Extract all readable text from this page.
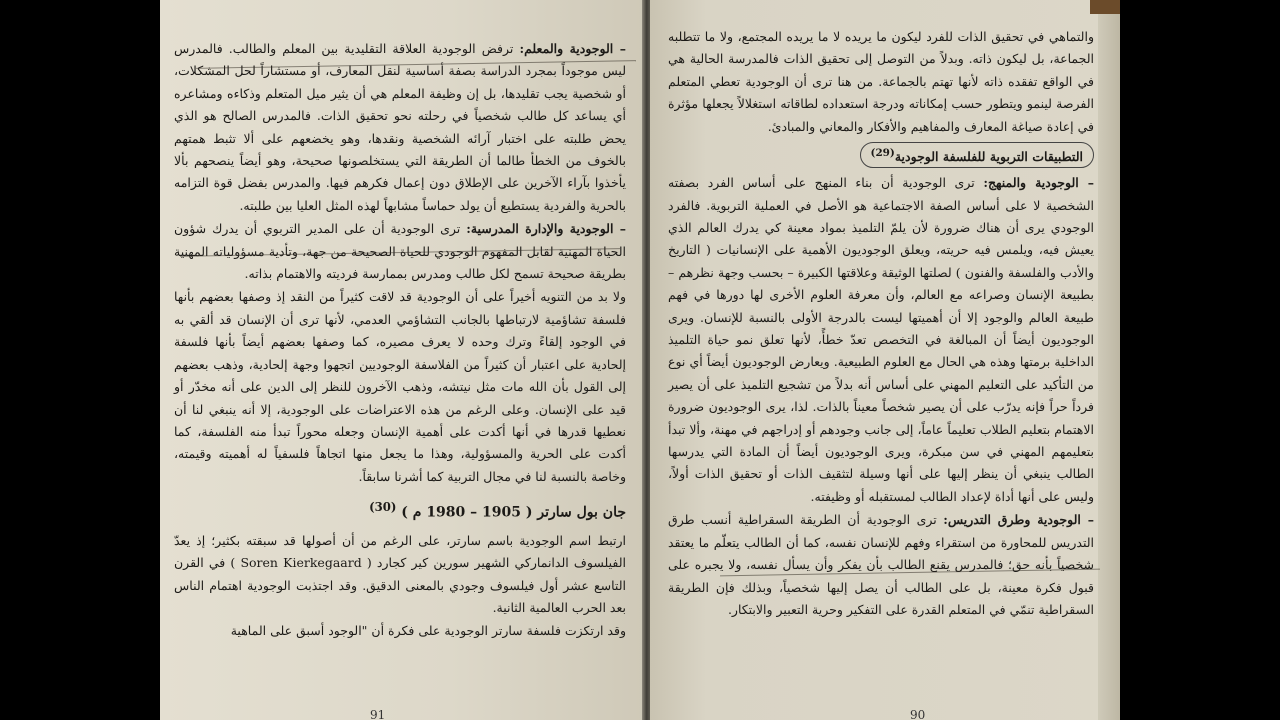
– الوجودية والمعلم: ترفض الوجودية العلاقة التقليدية بين المعلم والطالب. فالمدرس ليس موجوداً بمجرد الدراسة بصفة أساسية لنقل المعارف، أو مستشاراً لحل المشكلات، أو شخصية يجب تقليدها، بل إن وظيفة المعلم هي أن يثير ميل المتعلم وذكاءه ومشاعره أي يساعد كل طالب شخصياً في رحلته نحو تحقيق الذات. فالمدرس الصالح هو الذي يحض طلبته على اختبار آرائه الشخصية ونقدها، وهو يخضعهم على ألا تثبط همتهم بالخوف من الخطأ طالما أن الطريقة التي يستخلصونها صحيحة، وهو أيضاً ينصحهم بألا يأخذوا بآراء الآخرين على الإطلاق دون إعمال فكرهم فيها. والمدرس بفضل قوة التزامه بالحرية والفردية يستطيع أن يولد حماساً مشابهاً لهذه المثل العليا بين طلبته.

– الوجودية والإدارة المدرسية: ترى الوجودية أن على المدير التربوي أن يدرك شؤون الحياة المهنية لقابل المفهوم الوجودي للحياة الصحيحة من جهة، وتأدية مسؤولياته المهنية بطريقة صحيحة تسمح لكل طالب ومدرس بممارسة فرديته والاهتمام بذاته.

ولا بد من التنويه أخيراً على أن الوجودية قد لاقت كثيراً من النقد إذ وصفها بعضهم بأنها فلسفة تشاؤمية لارتباطها بالجانب التشاؤمي العدمي، لأنها ترى أن الإنسان قد ألقي به في الوجود إلقاءً وترك وحده لا يعرف مصيره، كما وصفها بعضهم أيضاً بأنها فلسفة إلحادية على اعتبار أن كثيراً من الفلاسفة الوجوديين اتجهوا وجهة إلحادية، وذهب بعضهم إلى القول بأن الله مات مثل نيتشه، وذهب الآخرون للنظر إلى الدين على أنه مخدّر أو قيد على الإنسان. وعلى الرغم من هذه الاعتراضات على الوجودية، إلا أنه ينبغي لنا أن نعطيها قدرها في أنها أكدت على أهمية الإنسان وجعله محوراً تبدأ منه الفلسفة، كما أكدت على الحرية والمسؤولية، وهذا ما يجعل منها اتجاهاً فلسفياً له أهميته وقيمته، وخاصة بالنسبة لنا في مجال التربية كما أشرنا سابقاً.

جان بول سارتر ( 1905 – 1980 م ) $^{(30)}$

ارتبط اسم الوجودية باسم سارتر، على الرغم من أن أصولها قد سبقته بكثير؛ إذ يعدّ الفيلسوف الدانماركي الشهير سورين كير كجارد ( Soren Kierkegaard ) في القرن التاسع عشر أول فيلسوف وجودي بالمعنى الدقيق. وقد اجتذبت الوجودية اهتمام الناس بعد الحرب العالمية الثانية.

وقد ارتكزت فلسفة سارتر الوجودية على فكرة أن "الوجود أسبق على الماهية

91

والتماهي في تحقيق الذات للفرد ليكون ما يريده لا ما يريده المجتمع، ولا ما تتطلبه الجماعة، بل ليكون ذاته. وبدلاً من التوصل إلى تحقيق الذات فالمدرسة الحالية هي في الواقع تفقده ذاته لأنها تهتم بالجماعة. من هنا ترى أن الوجودية تعطي المتعلم الفرصة لينمو ويتطور حسب إمكاناته ودرجة استعداده لطاقاته استغلالاً يجعلها مؤثرة في إعادة صياغة المعارف والمفاهيم والأفكار والمعاني والمبادئ.

التطبيقات التربوية للفلسفة الوجودية$^{(29)}$

– الوجودية والمنهج: ترى الوجودية أن بناء المنهج على أساس الفرد بصفته الشخصية لا على أساس الصفة الاجتماعية هو الأصل في العملية التربوية. فالفرد الوجودي يرى أن هناك ضرورة لأن يلمّ التلميذ بمواد معينة كي يدرك العالم الذي يعيش فيه، ويلمس فيه حريته، ويعلق الوجوديون الأهمية على الإنسانيات ( التاريخ والأدب والفلسفة والفنون ) لصلتها الوثيقة وعلاقتها الكبيرة – بحسب وجهة نظرهم – بطبيعة الإنسان وصراعه مع العالم، وأن معرفة العلوم الأخرى لها دورها في فهم طبيعة العالم والوجود إلا أن أهميتها ليست بالدرجة الأولى بالنسبة للإنسان. ويرى الوجوديون أيضاً أن المبالغة في التخصص تعدّ خطأً، لأنها تعلق نمو حياة التلميذ الداخلية برمتها وهذه هي الحال مع العلوم الطبيعية. ويعارض الوجوديون أيضاً أي نوع من التأكيد على التعليم المهني على أساس أنه بدلاً من تشجيع التلميذ على أن يصير فرداً حراً فإنه يدرّب على أن يصير شخصاً معيناً بالذات. لذا، يرى الوجوديون ضرورة الاهتمام بتعليم الطلاب تعليماً عاماً، إلى جانب وجودهم أو إدراجهم في مهنة، وألا تبدأ بتعليمهم المهني في سن مبكرة، ويرى الوجوديون أيضاً أن المادة التي يدرسها الطالب ينبغي أن ينظر إليها على أنها وسيلة لتثقيف الذات أو تحقيق الذات أولاً، وليس على أنها أداة لإعداد الطالب لمستقبله أو وظيفته.

– الوجودية وطرق التدريس: ترى الوجودية أن الطريقة السقراطية أنسب طرق التدريس للمحاورة من استقراء وفهم للإنسان نفسه، كما أن الطالب يتعلّم ما يعتقد شخصياً بأنه حق؛ فالمدرس يقنع الطالب بأن يفكر وأن يسأل نفسه، ولا يجبره على قبول فكرة معينة، بل على الطالب أن يصل إليها شخصياً، وبذلك فإن الطريقة السقراطية تنمّي في المتعلم القدرة على التفكير وحرية التعبير والابتكار.

90
